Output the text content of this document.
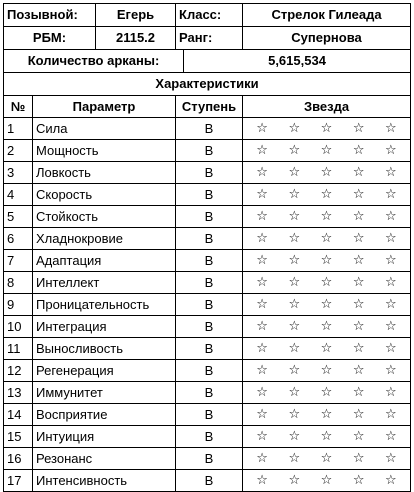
Позывной:		Егерь	Класс:		Стрелок Гилеада
РБМ:		2115.2	Ранг:		Супернова
Количество арканы:				5,615,534	
Характеристики					
№	Параметр		Ступень		Звезда
1	Сила		B		☆ ☆ ☆ ☆ ☆

2	Мощность		B		☆ ☆ ☆ ☆ ☆

3	Ловкость		B		☆ ☆ ☆ ☆ ☆

4	Скорость		B		☆ ☆ ☆ ☆ ☆

5	Стойкость		B		☆ ☆ ☆ ☆ ☆

6	Хладнокровие		B		☆ ☆ ☆ ☆ ☆

7	Адаптация		B		☆ ☆ ☆ ☆ ☆

8	Интеллект		B		☆ ☆ ☆ ☆ ☆

9	Проницательность		B		☆ ☆ ☆ ☆ ☆

10	Интеграция		B		☆ ☆ ☆ ☆ ☆

11	Выносливость		B		☆ ☆ ☆ ☆ ☆

12	Регенерация		B		☆ ☆ ☆ ☆ ☆

13	Иммунитет		B		☆ ☆ ☆ ☆ ☆

14	Восприятие		B		☆ ☆ ☆ ☆ ☆

15	Интуиция		B		☆ ☆ ☆ ☆ ☆

16	Резонанс		B		☆ ☆ ☆ ☆ ☆

17	Интенсивность		B		☆ ☆ ☆ ☆ ☆
